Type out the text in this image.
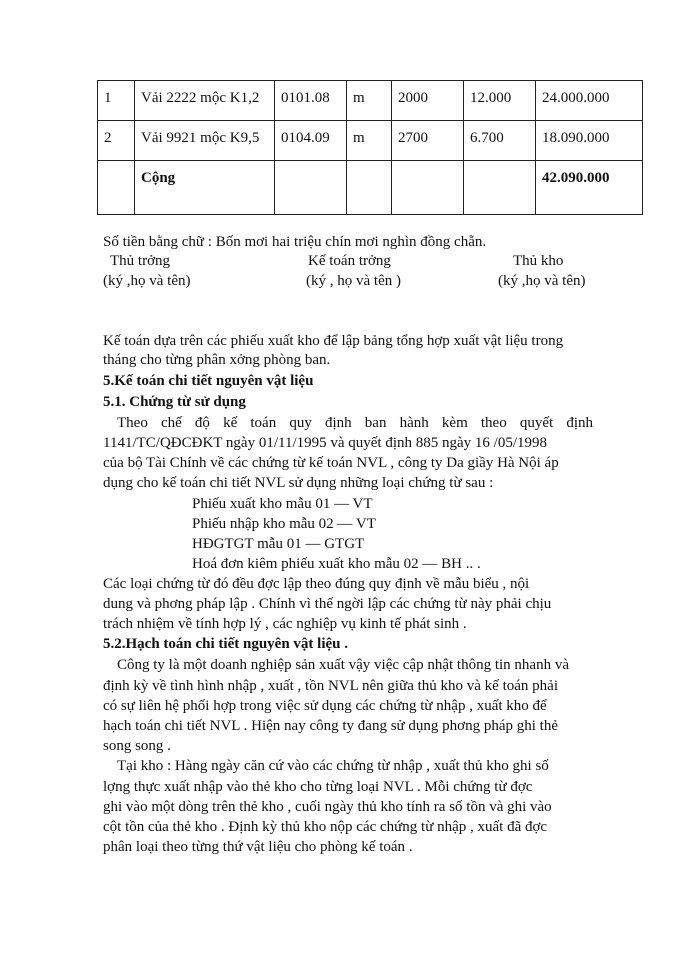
1	Vải 2222 mộc K1,2	0101.08	m	2000	12.000	24.000.000
2	Vải 9921 mộc K9,5	0104.09	m	2700	6.700	18.090.000
	Cộng					42.090.000
Số tiền bằng chữ : Bốn mơi hai triệu chín mơi nghìn đồng chẵn.
Thủ trởng
(ký ,họ và tên)
Kế toán trởng
(ký , họ và tên )
Thủ kho
(ký ,họ và tên)
Kế toán dựa trên các phiếu xuất kho để lập bảng tổng hợp xuất vật liệu trong
tháng cho từng phân xởng phòng ban.
5.Kế toán chi tiết nguyên vật liệu
5.1. Chứng từ sử dụng
Theo chế độ kế toán quy định ban hành kèm theo quyết định
1141/TC/QĐCĐKT ngày 01/11/1995 và quyết định 885 ngày 16 /05/1998
của bộ Tài Chính về các chứng từ kế toán NVL , công ty Da giầy Hà Nội áp
dụng cho kế toán chi tiết NVL sử dụng những loại chứng từ sau :
Phiếu xuất kho mẫu 01 — VT
Phiếu nhập kho mẫu 02 — VT
HĐGTGT mẫu 01 — GTGT
Hoá đơn kiêm phiếu xuất kho mẫu 02 — BH .. .
Các loại chứng từ đó đều đợc lập theo đúng quy định về mẫu biểu , nội
dung và phơng pháp lập . Chính vì thế ngời lập các chứng từ này phải chịu
trách nhiệm về tính hợp lý , các nghiệp vụ kinh tế phát sinh .
5.2.Hạch toán chi tiết nguyên vật liệu .
Công ty là một doanh nghiệp sản xuất vậy việc cập nhật thông tin nhanh và
định kỳ về tình hình nhập , xuất , tồn NVL nên giữa thủ kho và kế toán phải
có sự liên hệ phối hợp trong việc sử dụng các chứng từ nhập , xuất kho để
hạch toán chi tiết NVL . Hiện nay công ty đang sử dụng phơng pháp ghi thẻ
song song .
Tại kho : Hàng ngày căn cứ vào các chứng từ nhập , xuất thủ kho ghi số
lợng thực xuất nhập vào thẻ kho cho từng loại NVL . Mỗi chứng từ đợc
ghi vào một dòng trên thẻ kho , cuối ngày thủ kho tính ra số tồn và ghi vào
cột tồn của thẻ kho . Định kỳ thủ kho nộp các chứng từ nhập , xuất đã đợc
phân loại theo từng thứ vật liệu cho phòng kế toán .
